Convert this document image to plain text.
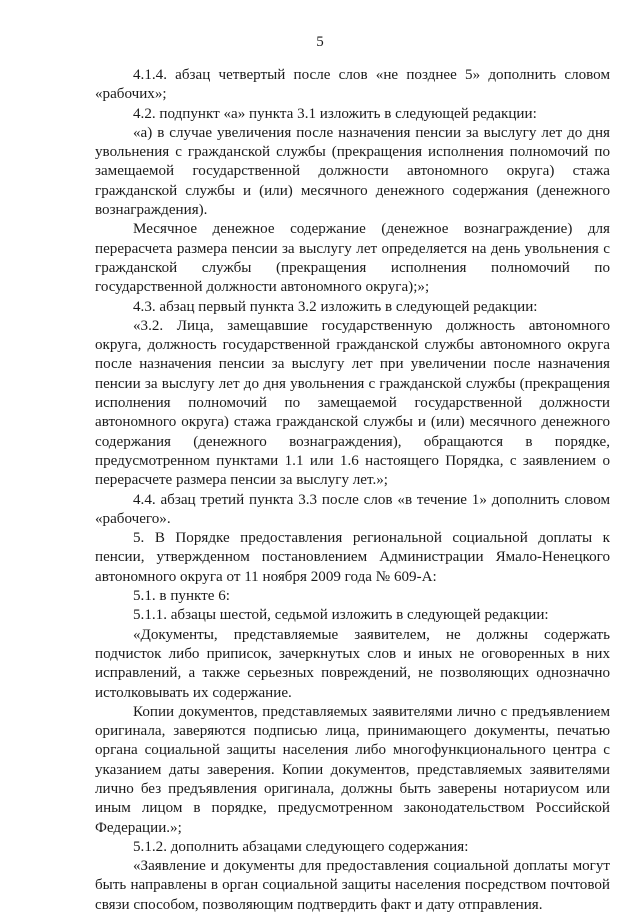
5

4.1.4. абзац четвертый после слов «не позднее 5» дополнить словом «рабочих»;

4.2. подпункт «а» пункта 3.1 изложить в следующей редакции:

«а) в случае увеличения после назначения пенсии за выслугу лет до дня увольнения с гражданской службы (прекращения исполнения полномочий по замещаемой государственной должности автономного округа) стажа гражданской службы и (или) месячного денежного содержания (денежного вознаграждения).

Месячное денежное содержание (денежное вознаграждение) для перерасчета размера пенсии за выслугу лет определяется на день увольнения с гражданской службы (прекращения исполнения полномочий по государственной должности автономного округа);»;

4.3. абзац первый пункта 3.2 изложить в следующей редакции:

«3.2. Лица, замещавшие государственную должность автономного округа, должность государственной гражданской службы автономного округа после назначения пенсии за выслугу лет при увеличении после назначения пенсии за выслугу лет до дня увольнения с гражданской службы (прекращения исполнения полномочий по замещаемой государственной должности автономного округа) стажа гражданской службы и (или) месячного денежного содержания (денежного вознаграждения), обращаются в порядке, предусмотренном пунктами 1.1 или 1.6 настоящего Порядка, с заявлением о перерасчете размера пенсии за выслугу лет.»;

4.4. абзац третий пункта 3.3 после слов «в течение 1» дополнить словом «рабочего».

5. В Порядке предоставления региональной социальной доплаты к пенсии, утвержденном постановлением Администрации Ямало-Ненецкого автономного округа от 11 ноября 2009 года № 609-А:

5.1. в пункте 6:

5.1.1. абзацы шестой, седьмой изложить в следующей редакции:

«Документы, представляемые заявителем, не должны содержать подчисток либо приписок, зачеркнутых слов и иных не оговоренных в них исправлений, а также серьезных повреждений, не позволяющих однозначно истолковывать их содержание.

Копии документов, представляемых заявителями лично с предъявлением оригинала, заверяются подписью лица, принимающего документы, печатью органа социальной защиты населения либо многофункционального центра с указанием даты заверения. Копии документов, представляемых заявителями лично без предъявления оригинала, должны быть заверены нотариусом или иным лицом в порядке, предусмотренном законодательством Российской Федерации.»;

5.1.2. дополнить абзацами следующего содержания:

«Заявление и документы для предоставления социальной доплаты могут быть направлены в орган социальной защиты населения посредством почтовой связи способом, позволяющим подтвердить факт и дату отправления.
